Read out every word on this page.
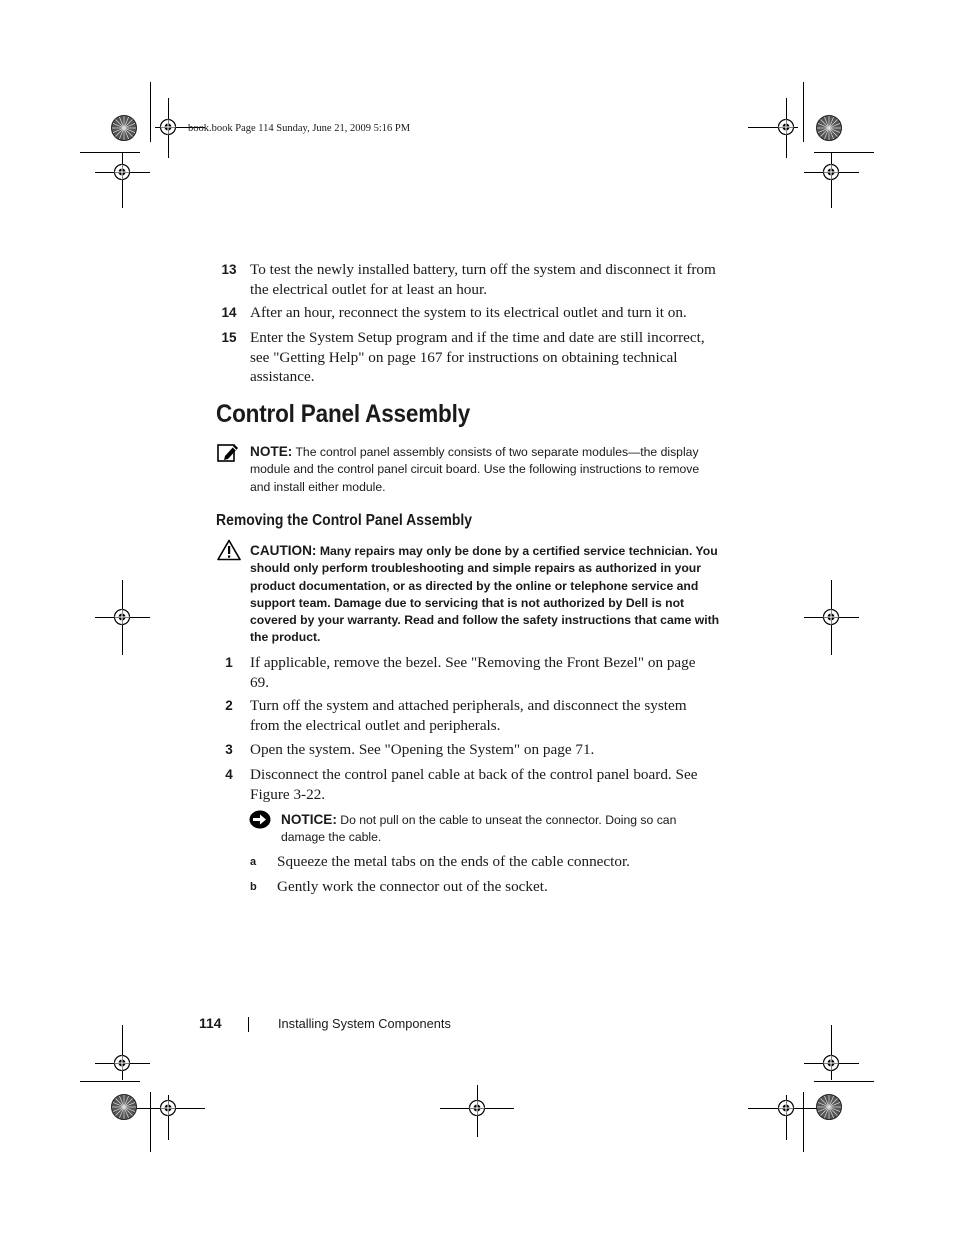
book.book Page 114 Sunday, June 21, 2009 5:16 PM
13 To test the newly installed battery, turn off the system and disconnect it from the electrical outlet for at least an hour.
14 After an hour, reconnect the system to its electrical outlet and turn it on.
15 Enter the System Setup program and if the time and date are still incorrect, see "Getting Help" on page 167 for instructions on obtaining technical assistance.
Control Panel Assembly
NOTE: The control panel assembly consists of two separate modules—the display module and the control panel circuit board. Use the following instructions to remove and install either module.
Removing the Control Panel Assembly
CAUTION: Many repairs may only be done by a certified service technician. You should only perform troubleshooting and simple repairs as authorized in your product documentation, or as directed by the online or telephone service and support team. Damage due to servicing that is not authorized by Dell is not covered by your warranty. Read and follow the safety instructions that came with the product.
1	If applicable, remove the bezel. See "Removing the Front Bezel" on page 69.
2	Turn off the system and attached peripherals, and disconnect the system from the electrical outlet and peripherals.
3	Open the system. See "Opening the System" on page 71.
4	Disconnect the control panel cable at back of the control panel board. See Figure 3-22.
NOTICE: Do not pull on the cable to unseat the connector. Doing so can damage the cable.
a Squeeze the metal tabs on the ends of the cable connector.
b Gently work the connector out of the socket.
114	Installing System Components
